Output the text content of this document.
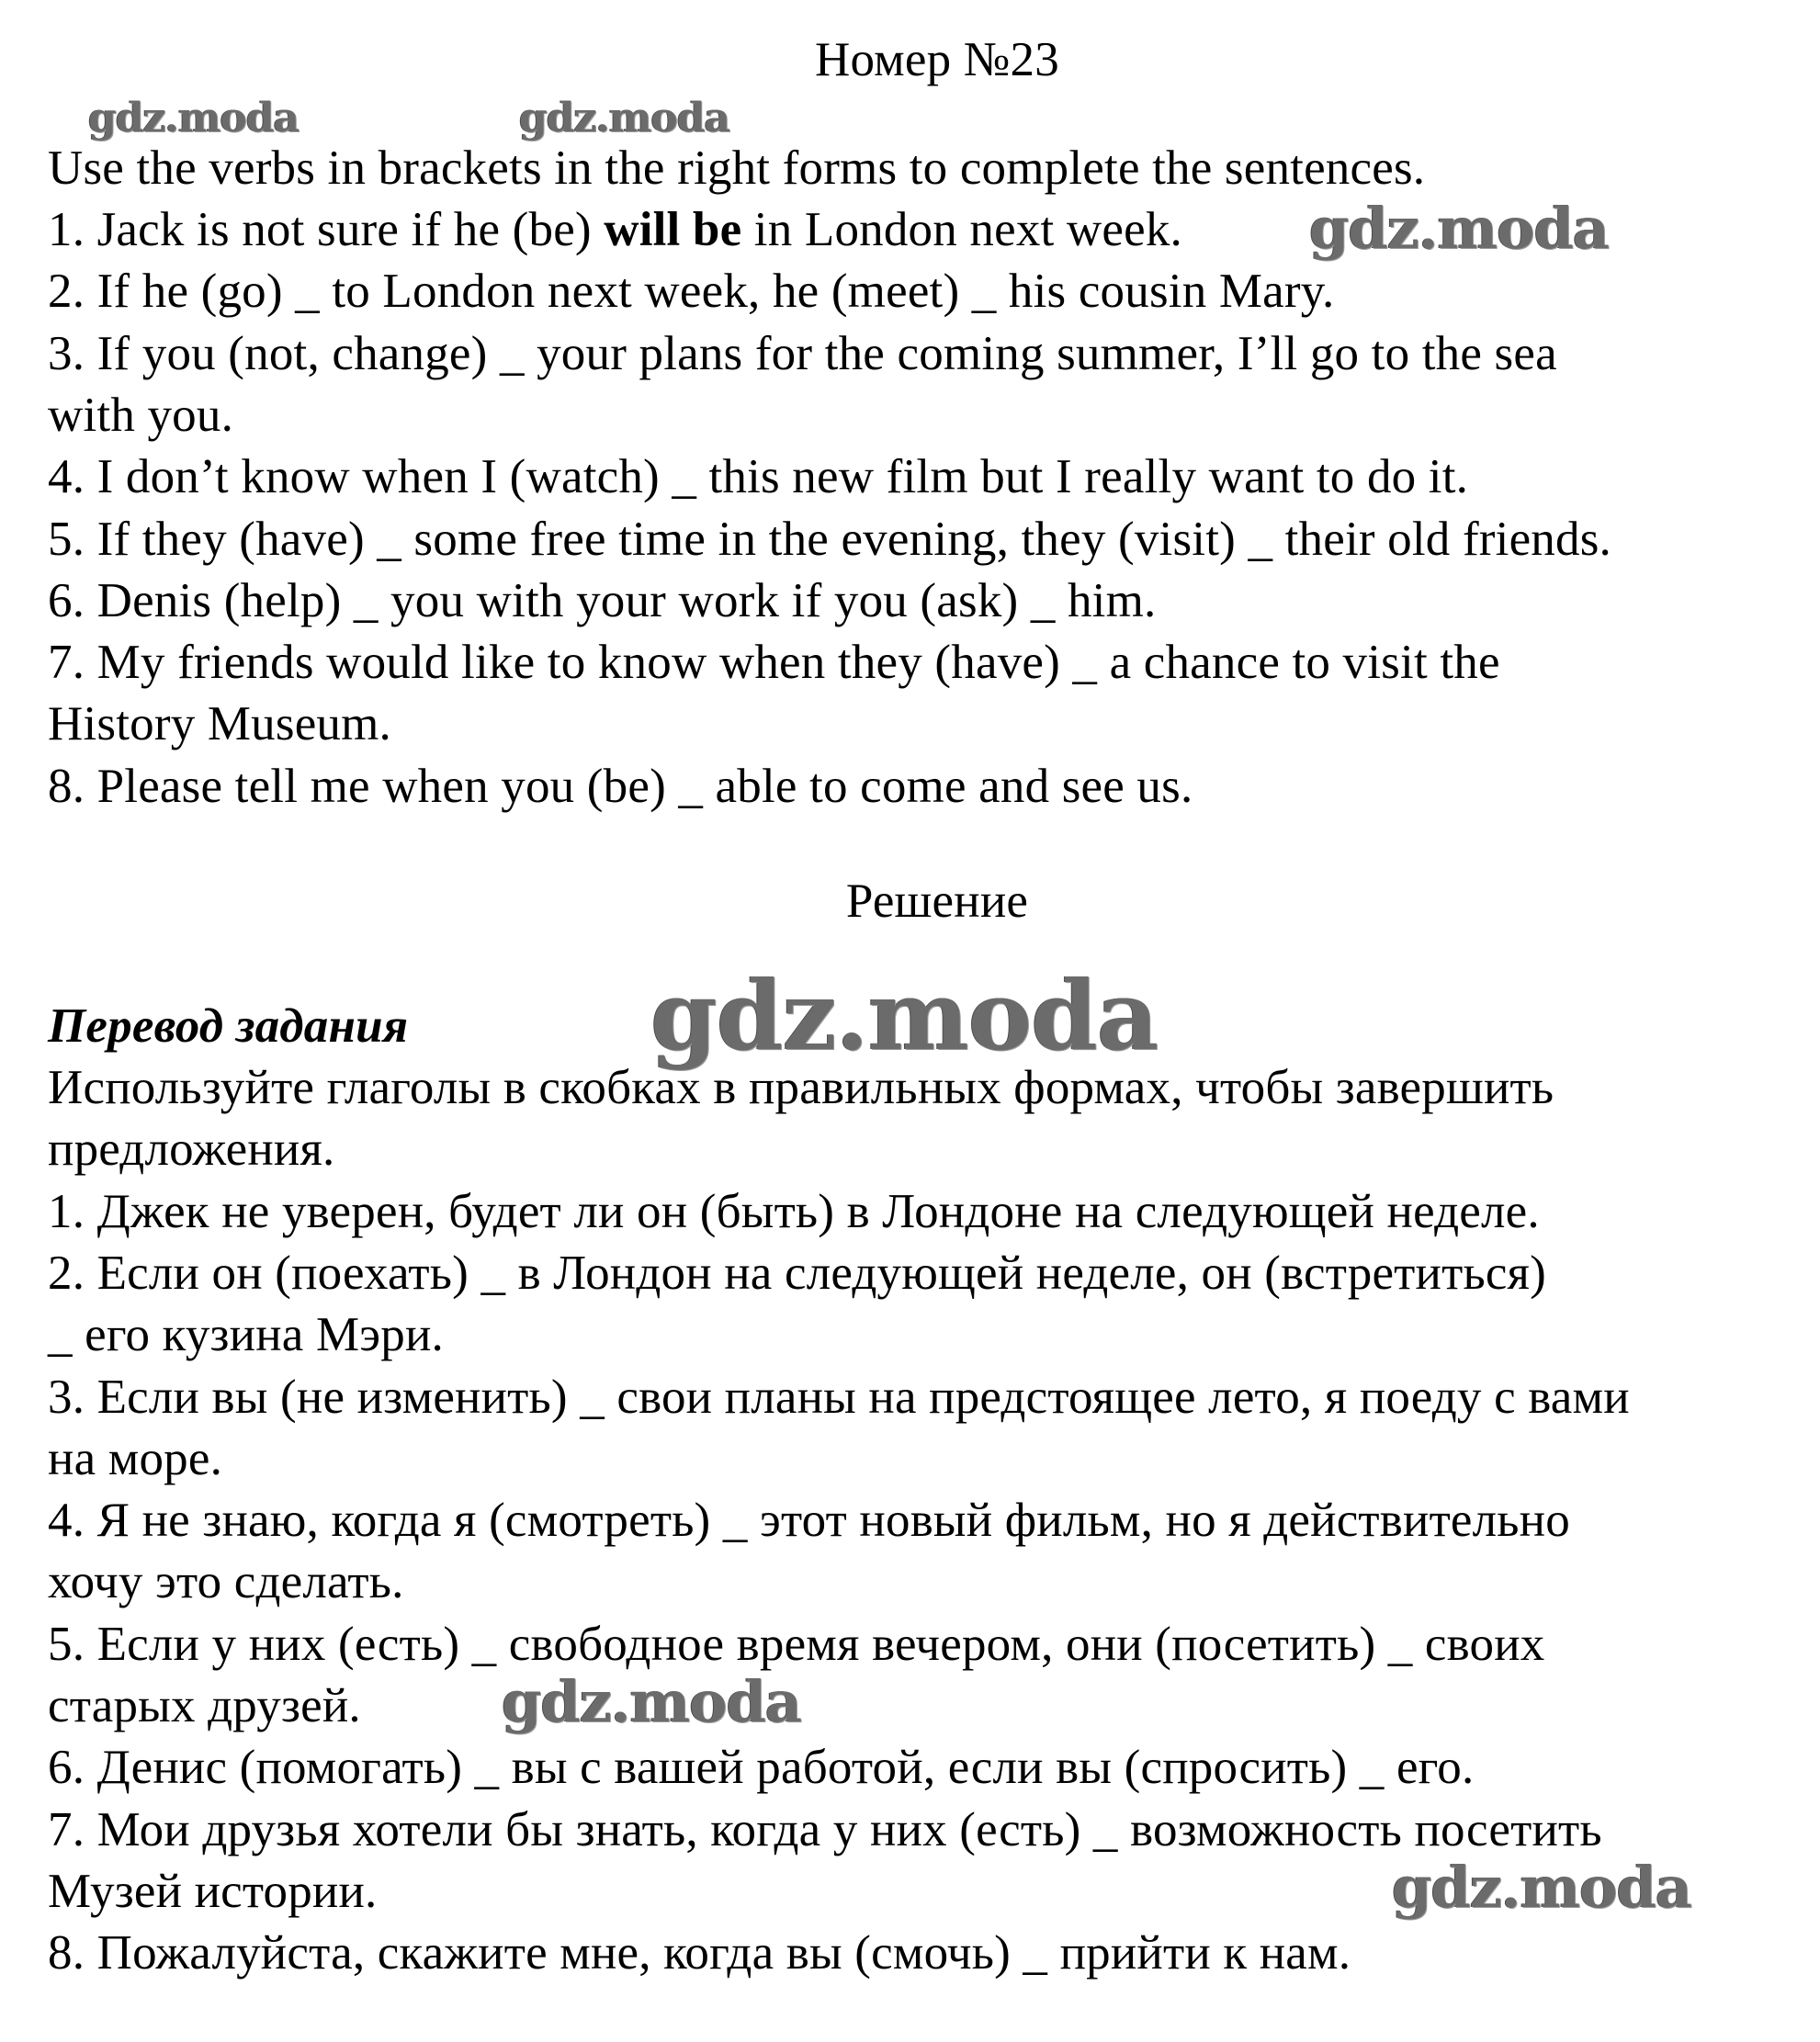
Номер №23
Use the verbs in brackets in the right forms to complete the sentences.
1. Jack is not sure if he (be) will be in London next week.
2. If he (go) _ to London next week, he (meet) _ his cousin Mary.
3. If you (not, change) _ your plans for the coming summer, I’ll go to the sea
with you.
4. I don’t know when I (watch) _ this new film but I really want to do it.
5. If they (have) _ some free time in the evening, they (visit) _ their old friends.
6. Denis (help) _ you with your work if you (ask) _ him.
7. My friends would like to know when they (have) _ a chance to visit the
History Museum.
8. Please tell me when you (be) _ able to come and see us.
Решение
Перевод задания
Используйте глаголы в скобках в правильных формах, чтобы завершить
предложения.
1. Джек не уверен, будет ли он (быть) в Лондоне на следующей неделе.
2. Если он (поехать) _ в Лондон на следующей неделе, он (встретиться)
_ его кузина Мэри.
3. Если вы (не изменить) _ свои планы на предстоящее лето, я поеду с вами
на море.
4. Я не знаю, когда я (смотреть) _ этот новый фильм, но я действительно
хочу это сделать.
5. Если у них (есть) _ свободное время вечером, они (посетить) _ своих
старых друзей.
6. Денис (помогать) _ вы с вашей работой, если вы (спросить) _ его.
7. Мои друзья хотели бы знать, когда у них (есть) _ возможность посетить
Музей истории.
8. Пожалуйста, скажите мне, когда вы (смочь) _ прийти к нам.
gdz.moda	gdz.moda
gdz.moda
gdz.moda
gdz.moda
gdz.moda
